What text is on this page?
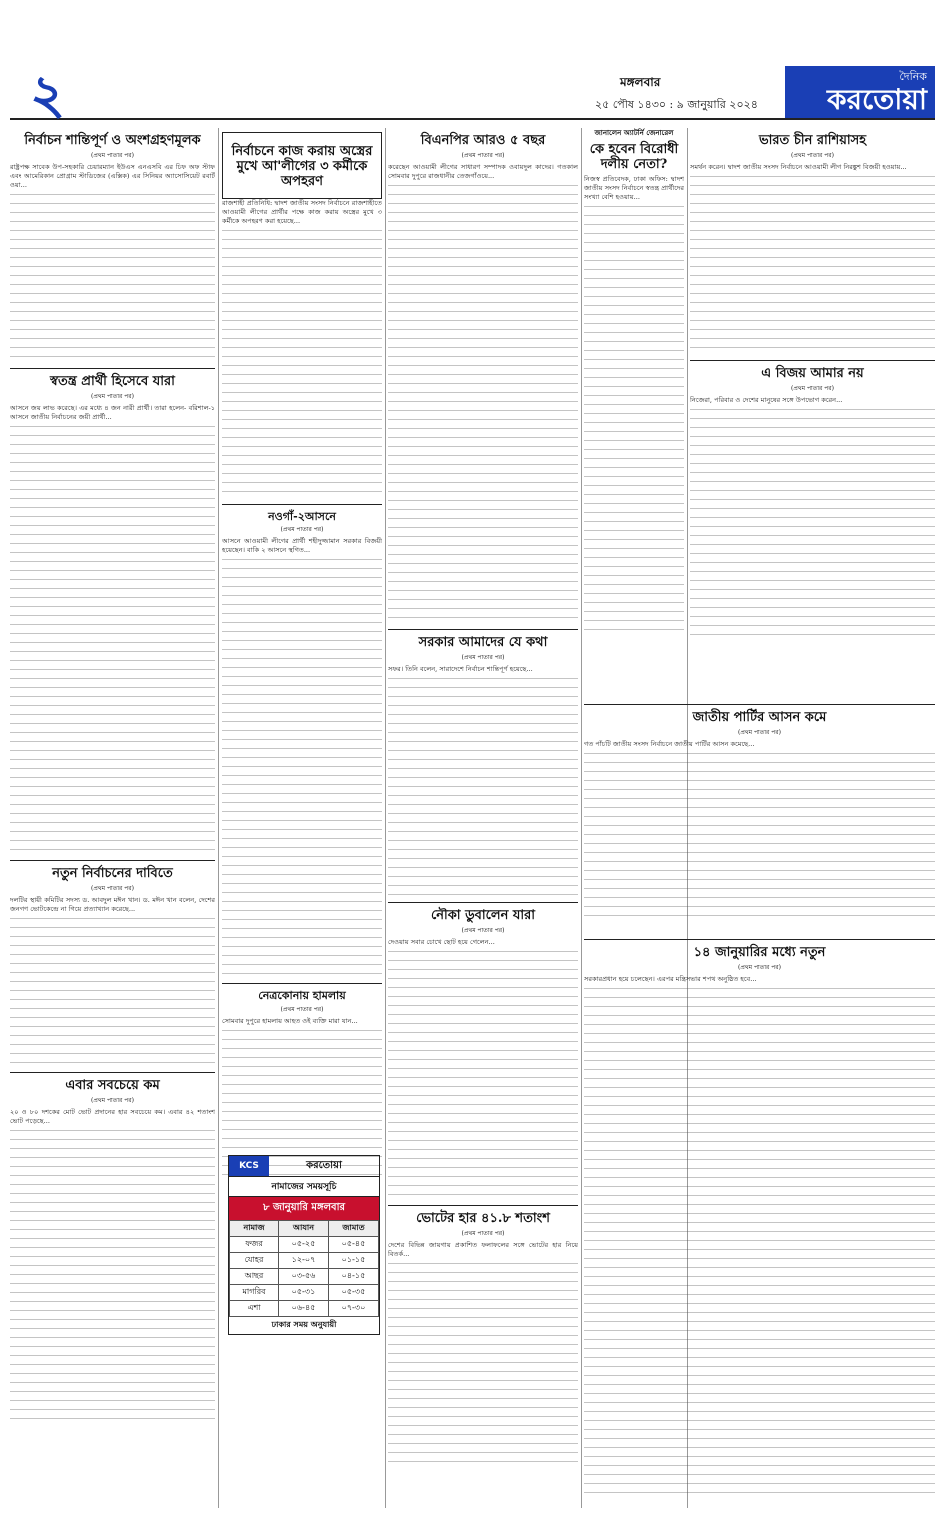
২	মঙ্গলবার
২৫ পৌষ ১৪৩০ : ৯ জানুয়ারি ২০২৪
দৈনিক
করতোয়া
নির্বাচন শান্তিপূর্ণ ও অংশগ্রহণমূলক
(প্রথম পাতার পর)

রাষ্ট্রপক্ষ সাবেক উপ-সহকারি চেয়ারম্যান ইউএস এনএসবি এর চিফ অফ স্টাফ এবং আমেরিকান প্রোগ্রাম স্টাডিজের (এক্সিক) এর সিনিয়র অ্যাসোসিয়েট রবার্ট ওয়া...

স্বতন্ত্র প্রার্থী হিসেবে যারা
(প্রথম পাতার পর)

আসনে জয় লাভ করেছে। এর মধ্যে ৪ জন নারী প্রার্থী। তারা হলেন- বরিশাল-১ আসনে জাতীয় নির্বাচনের জয়ী প্রার্থী...

নতুন নির্বাচনের দাবিতে
(প্রথম পাতার পর)

দলটির স্থায়ী কমিটির সদস্য ড. আবদুল মঈন খান। ড. মঈন খান বলেন, দেশের জনগণ ভোটকেন্দ্রে না গিয়ে প্রত্যাখ্যান করেছে...

এবার সবচেয়ে কম
(প্রথম পাতার পর)

২০ ও ৮০ দশকের মোট ভোট প্রদানের হার সবচেয়ে কম। এবার ৪২ শতাংশ ভোট পড়েছে...

নির্বাচনে কাজ করায় অস্ত্রের মুখে আ'লীগের ৩ কর্মীকে অপহরণ

রাজশাহী প্রতিনিধি: দ্বাদশ জাতীয় সংসদ নির্বাচনে রাজশাহীতে আওয়ামী লীগের প্রার্থীর পক্ষে কাজ করায় অস্ত্রের মুখে ৩ কর্মীকে অপহরণ করা হয়েছে...

নওগাঁ-২আসনে
(প্রথম পাতার পর)

আসনে আওয়ামী লীগের প্রার্থী শহীদুজ্জামান সরকার বিজয়ী হয়েছেন। বাকি ২ আসনে স্থগিত...

নেত্রকোনায় হামলায়
(প্রথম পাতার পর)

সোমবার দুপুরে হামলায় আহত ওই ব্যক্তি মারা যান...

KCS	করতোয়া
নামাজের সময়সূচি
৮ জানুয়ারি মঙ্গলবার
নামাজ	আযান	জামাত
ফজর	০৫-২৫	০৫-৪৫
যোহর	১২-০৭	০১-১৫
আছর	০৩-৫৬	০৪-১৫
মাগরিব	০৫-৩১	০৫-৩৫
এশা	০৬-৪৫	০৭-৩০
ঢাকার সময় অনুযায়ী
বিএনপির আরও ৫ বছর
(প্রথম পাতার পর)

করেছেন আওয়ামী লীগের সাধারণ সম্পাদক ওবায়দুল কাদের। গতকাল সোমবার দুপুরে রাজধানীর তেজগাঁওয়ে...

সরকার আমাদের যে কথা
(প্রথম পাতার পর)

সফর। তিনি বলেন, সারাদেশে নির্বাচন শান্তিপূর্ণ হয়েছে...

নৌকা ডুবালেন যারা
(প্রথম পাতার পর)

দেওয়ায় সবার চোখে ছোট হয়ে গেলেন...

ভোটের হার ৪১.৮ শতাংশ
(প্রথম পাতার পর)

দেশের বিভিন্ন জায়গায় প্রকাশিত ফলাফলের সঙ্গে ভোটের হার নিয়ে বিতর্ক...

জানালেন অ্যাটর্নি জেনারেল
কে হবেন বিরোধী দলীয় নেতা?

নিজস্ব প্রতিবেদক, ঢাকা অফিস: দ্বাদশ জাতীয় সংসদ নির্বাচনে স্বতন্ত্র প্রার্থীদের সংখ্যা বেশি হওয়ায়...

জাতীয় পার্টির আসন কমে
(প্রথম পাতার পর)

গত পাঁচটি জাতীয় সংসদ নির্বাচনে জাতীয় পার্টির আসন কমেছে...

১৪ জানুয়ারির মধ্যে নতুন
(প্রথম পাতার পর)

সরকারপ্রধান হয়ে চলেছেন। এরপর মন্ত্রিসভার শপথ অনুষ্ঠিত হবে...

ভারত চীন রাশিয়াসহ
(প্রথম পাতার পর)

সমর্থন করেন। দ্বাদশ জাতীয় সংসদ নির্বাচনে আওয়ামী লীগ নিরঙ্কুশ বিজয়ী হওয়ায়...

এ বিজয় আমার নয়
(প্রথম পাতার পর)

নিজেরা, পরিবার ও দেশের মানুষের সঙ্গে উপভোগ করেন...
